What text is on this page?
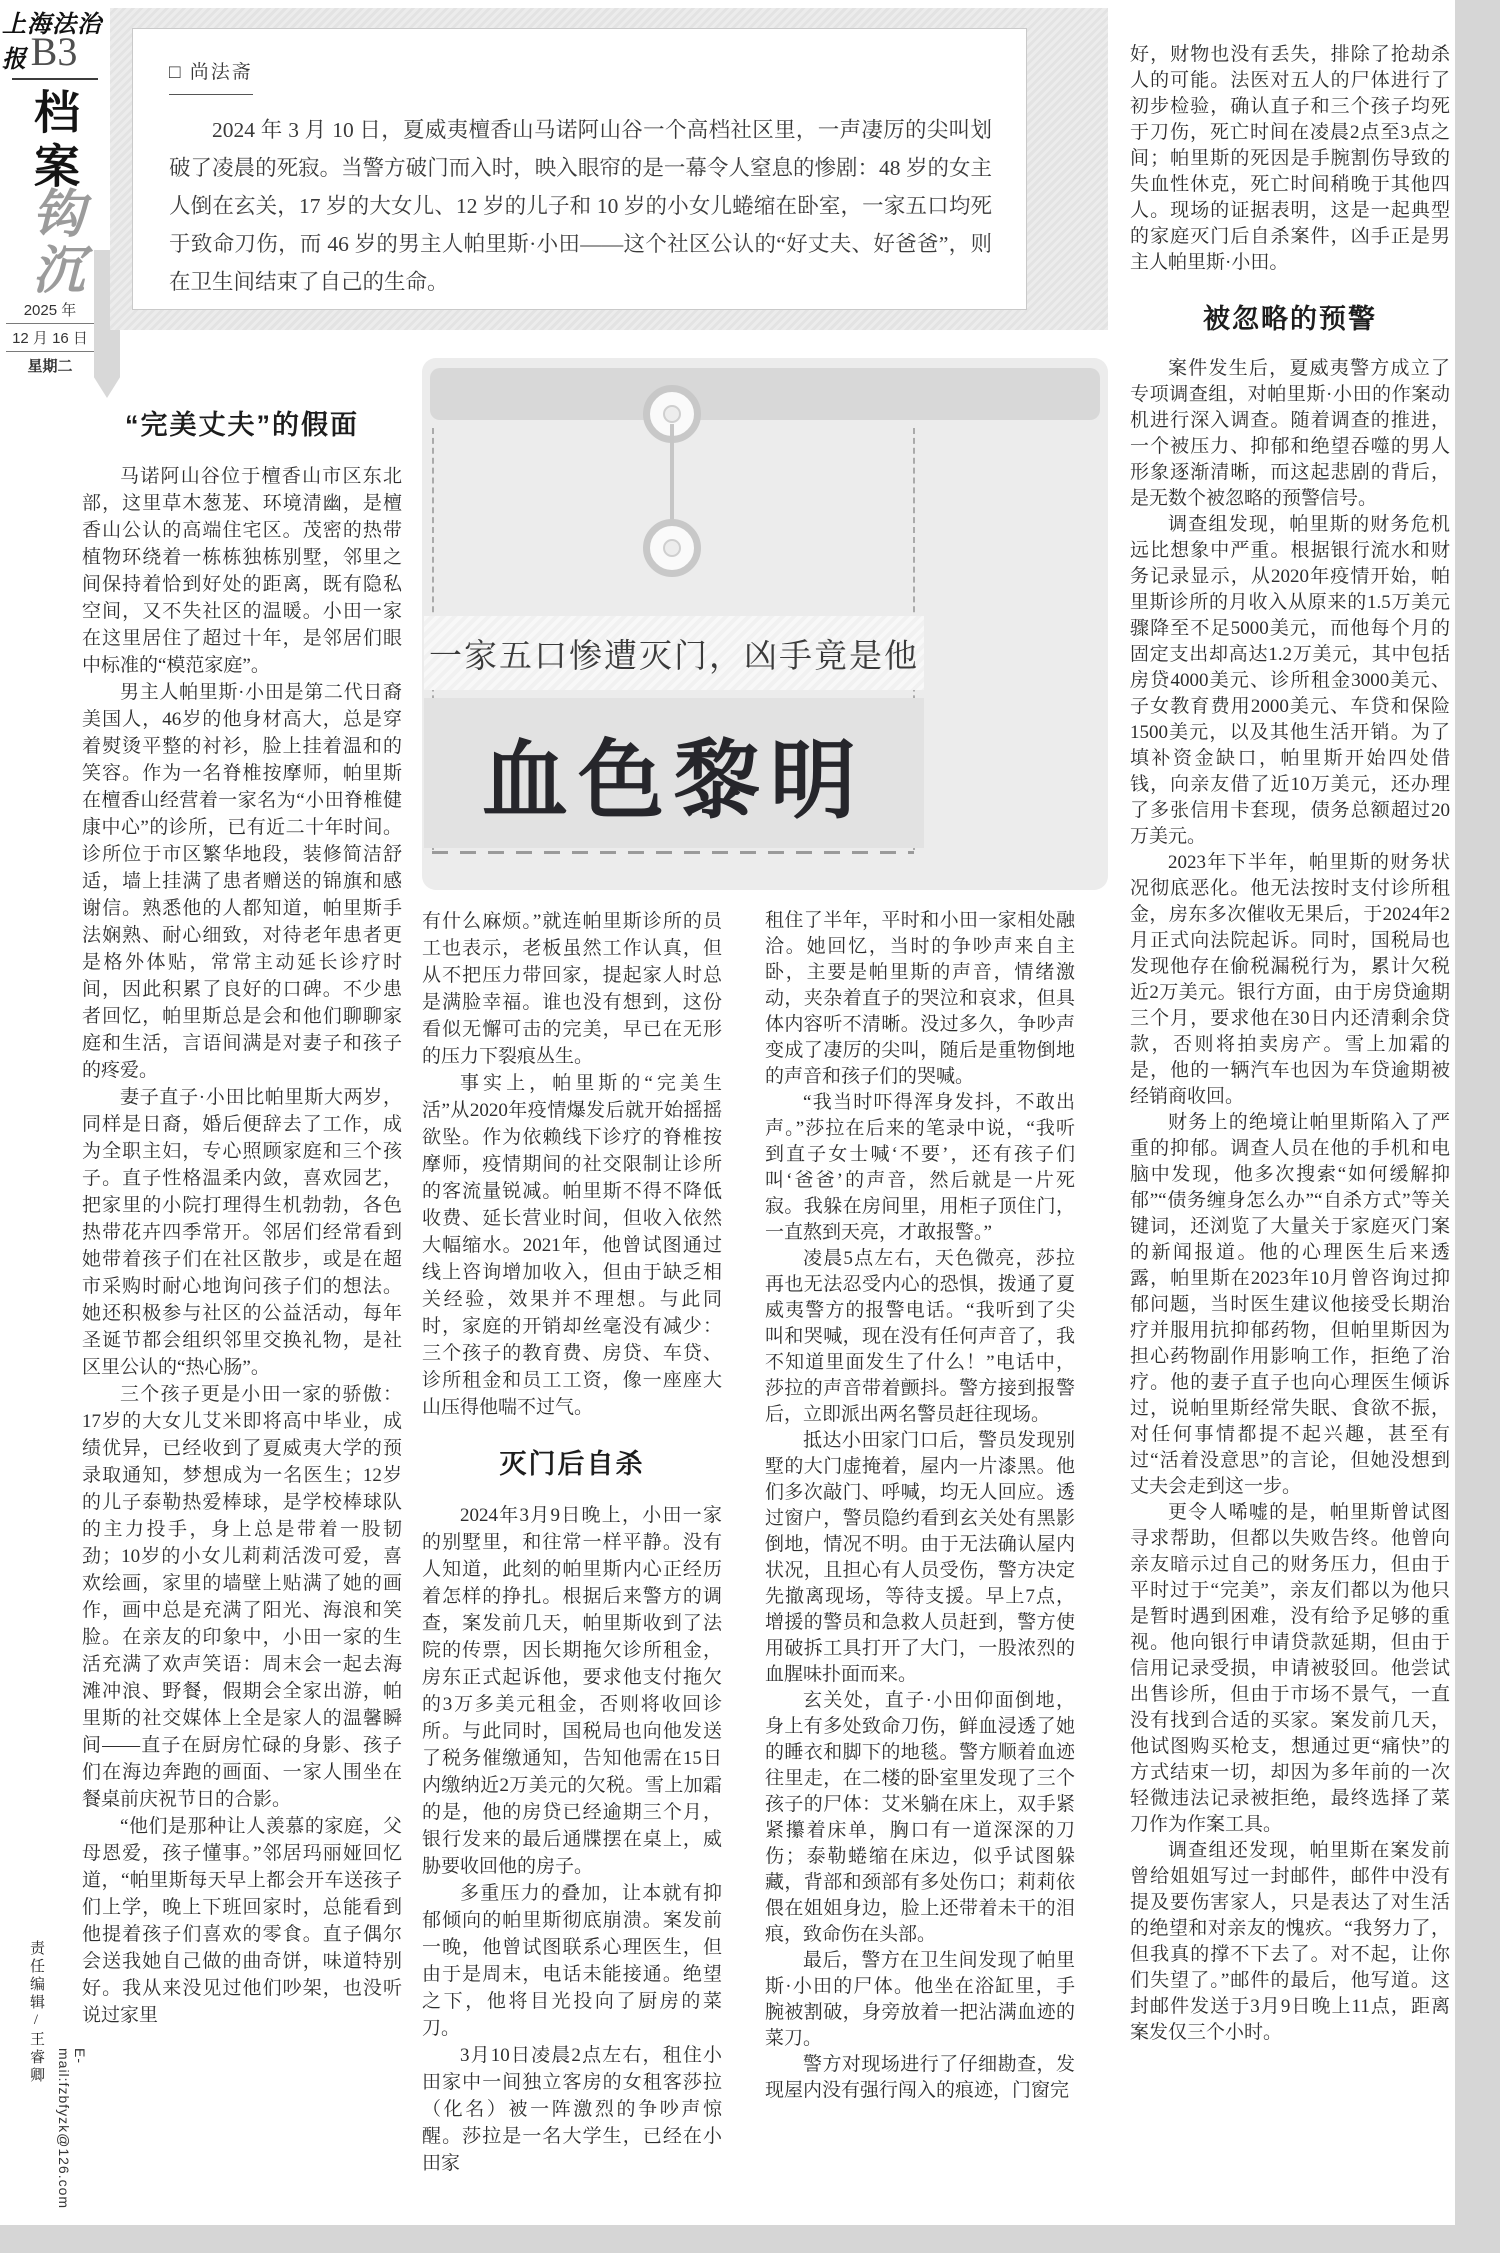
上海法治报 B3
档案
钩沉
2025 年
12 月 16 日
星期二
责任编辑/王睿卿	E-mail:fzbfyzk@126.com
□ 尚法斋
2024 年 3 月 10 日，夏威夷檀香山马诺阿山谷一个高档社区里，一声凄厉的尖叫划破了凌晨的死寂。当警方破门而入时，映入眼帘的是一幕令人窒息的惨剧：48 岁的女主人倒在玄关，17 岁的大女儿、12 岁的儿子和 10 岁的小女儿蜷缩在卧室，一家五口均死于致命刀伤，而 46 岁的男主人帕里斯·小田——这个社区公认的“好丈夫、好爸爸”，则在卫生间结束了自己的生命。
一家五口惨遭灭门，凶手竟是他
血色黎明
“完美丈夫”的假面

马诺阿山谷位于檀香山市区东北部，这里草木葱茏、环境清幽，是檀香山公认的高端住宅区。茂密的热带植物环绕着一栋栋独栋别墅，邻里之间保持着恰到好处的距离，既有隐私空间，又不失社区的温暖。小田一家在这里居住了超过十年，是邻居们眼中标准的“模范家庭”。

男主人帕里斯·小田是第二代日裔美国人，46岁的他身材高大，总是穿着熨烫平整的衬衫，脸上挂着温和的笑容。作为一名脊椎按摩师，帕里斯在檀香山经营着一家名为“小田脊椎健康中心”的诊所，已有近二十年时间。诊所位于市区繁华地段，装修简洁舒适，墙上挂满了患者赠送的锦旗和感谢信。熟悉他的人都知道，帕里斯手法娴熟、耐心细致，对待老年患者更是格外体贴，常常主动延长诊疗时间，因此积累了良好的口碑。不少患者回忆，帕里斯总是会和他们聊聊家庭和生活，言语间满是对妻子和孩子的疼爱。

妻子直子·小田比帕里斯大两岁，同样是日裔，婚后便辞去了工作，成为全职主妇，专心照顾家庭和三个孩子。直子性格温柔内敛，喜欢园艺，把家里的小院打理得生机勃勃，各色热带花卉四季常开。邻居们经常看到她带着孩子们在社区散步，或是在超市采购时耐心地询问孩子们的想法。她还积极参与社区的公益活动，每年圣诞节都会组织邻里交换礼物，是社区里公认的“热心肠”。

三个孩子更是小田一家的骄傲：17岁的大女儿艾米即将高中毕业，成绩优异，已经收到了夏威夷大学的预录取通知，梦想成为一名医生；12岁的儿子泰勒热爱棒球，是学校棒球队的主力投手，身上总是带着一股韧劲；10岁的小女儿莉莉活泼可爱，喜欢绘画，家里的墙壁上贴满了她的画作，画中总是充满了阳光、海浪和笑脸。在亲友的印象中，小田一家的生活充满了欢声笑语：周末会一起去海滩冲浪、野餐，假期会全家出游，帕里斯的社交媒体上全是家人的温馨瞬间——直子在厨房忙碌的身影、孩子们在海边奔跑的画面、一家人围坐在餐桌前庆祝节日的合影。

“他们是那种让人羡慕的家庭，父母恩爱，孩子懂事。”邻居玛丽娅回忆道，“帕里斯每天早上都会开车送孩子们上学，晚上下班回家时，总能看到他提着孩子们喜欢的零食。直子偶尔会送我她自己做的曲奇饼，味道特别好。我从来没见过他们吵架，也没听说过家里

有什么麻烦。”就连帕里斯诊所的员工也表示，老板虽然工作认真，但从不把压力带回家，提起家人时总是满脸幸福。谁也没有想到，这份看似无懈可击的完美，早已在无形的压力下裂痕丛生。

事实上，帕里斯的“完美生活”从2020年疫情爆发后就开始摇摇欲坠。作为依赖线下诊疗的脊椎按摩师，疫情期间的社交限制让诊所的客流量锐减。帕里斯不得不降低收费、延长营业时间，但收入依然大幅缩水。2021年，他曾试图通过线上咨询增加收入，但由于缺乏相关经验，效果并不理想。与此同时，家庭的开销却丝毫没有减少：三个孩子的教育费、房贷、车贷、诊所租金和员工工资，像一座座大山压得他喘不过气。

灭门后自杀

2024年3月9日晚上，小田一家的别墅里，和往常一样平静。没有人知道，此刻的帕里斯内心正经历着怎样的挣扎。根据后来警方的调查，案发前几天，帕里斯收到了法院的传票，因长期拖欠诊所租金，房东正式起诉他，要求他支付拖欠的3万多美元租金，否则将收回诊所。与此同时，国税局也向他发送了税务催缴通知，告知他需在15日内缴纳近2万美元的欠税。雪上加霜的是，他的房贷已经逾期三个月，银行发来的最后通牒摆在桌上，威胁要收回他的房子。

多重压力的叠加，让本就有抑郁倾向的帕里斯彻底崩溃。案发前一晚，他曾试图联系心理医生，但由于是周末，电话未能接通。绝望之下，他将目光投向了厨房的菜刀。

3月10日凌晨2点左右，租住小田家中一间独立客房的女租客莎拉（化名）被一阵激烈的争吵声惊醒。莎拉是一名大学生，已经在小田家

租住了半年，平时和小田一家相处融洽。她回忆，当时的争吵声来自主卧，主要是帕里斯的声音，情绪激动，夹杂着直子的哭泣和哀求，但具体内容听不清晰。没过多久，争吵声变成了凄厉的尖叫，随后是重物倒地的声音和孩子们的哭喊。

“我当时吓得浑身发抖，不敢出声。”莎拉在后来的笔录中说，“我听到直子女士喊‘不要’，还有孩子们叫‘爸爸’的声音，然后就是一片死寂。我躲在房间里，用柜子顶住门，一直熬到天亮，才敢报警。”

凌晨5点左右，天色微亮，莎拉再也无法忍受内心的恐惧，拨通了夏威夷警方的报警电话。“我听到了尖叫和哭喊，现在没有任何声音了，我不知道里面发生了什么！”电话中，莎拉的声音带着颤抖。警方接到报警后，立即派出两名警员赶往现场。

抵达小田家门口后，警员发现别墅的大门虚掩着，屋内一片漆黑。他们多次敲门、呼喊，均无人回应。透过窗户，警员隐约看到玄关处有黑影倒地，情况不明。由于无法确认屋内状况，且担心有人员受伤，警方决定先撤离现场，等待支援。早上7点，增援的警员和急救人员赶到，警方使用破拆工具打开了大门，一股浓烈的血腥味扑面而来。

玄关处，直子·小田仰面倒地，身上有多处致命刀伤，鲜血浸透了她的睡衣和脚下的地毯。警方顺着血迹往里走，在二楼的卧室里发现了三个孩子的尸体：艾米躺在床上，双手紧紧攥着床单，胸口有一道深深的刀伤；泰勒蜷缩在床边，似乎试图躲藏，背部和颈部有多处伤口；莉莉依偎在姐姐身边，脸上还带着未干的泪痕，致命伤在头部。

最后，警方在卫生间发现了帕里斯·小田的尸体。他坐在浴缸里，手腕被割破，身旁放着一把沾满血迹的菜刀。

警方对现场进行了仔细勘查，发现屋内没有强行闯入的痕迹，门窗完

好，财物也没有丢失，排除了抢劫杀人的可能。法医对五人的尸体进行了初步检验，确认直子和三个孩子均死于刀伤，死亡时间在凌晨2点至3点之间；帕里斯的死因是手腕割伤导致的失血性休克，死亡时间稍晚于其他四人。现场的证据表明，这是一起典型的家庭灭门后自杀案件，凶手正是男主人帕里斯·小田。

被忽略的预警

案件发生后，夏威夷警方成立了专项调查组，对帕里斯·小田的作案动机进行深入调查。随着调查的推进，一个被压力、抑郁和绝望吞噬的男人形象逐渐清晰，而这起悲剧的背后，是无数个被忽略的预警信号。

调查组发现，帕里斯的财务危机远比想象中严重。根据银行流水和财务记录显示，从2020年疫情开始，帕里斯诊所的月收入从原来的1.5万美元骤降至不足5000美元，而他每个月的固定支出却高达1.2万美元，其中包括房贷4000美元、诊所租金3000美元、子女教育费用2000美元、车贷和保险1500美元，以及其他生活开销。为了填补资金缺口，帕里斯开始四处借钱，向亲友借了近10万美元，还办理了多张信用卡套现，债务总额超过20万美元。

2023年下半年，帕里斯的财务状况彻底恶化。他无法按时支付诊所租金，房东多次催收无果后，于2024年2月正式向法院起诉。同时，国税局也发现他存在偷税漏税行为，累计欠税近2万美元。银行方面，由于房贷逾期三个月，要求他在30日内还清剩余贷款，否则将拍卖房产。雪上加霜的是，他的一辆汽车也因为车贷逾期被经销商收回。

财务上的绝境让帕里斯陷入了严重的抑郁。调查人员在他的手机和电脑中发现，他多次搜索“如何缓解抑郁”“债务缠身怎么办”“自杀方式”等关键词，还浏览了大量关于家庭灭门案的新闻报道。他的心理医生后来透露，帕里斯在2023年10月曾咨询过抑郁问题，当时医生建议他接受长期治疗并服用抗抑郁药物，但帕里斯因为担心药物副作用影响工作，拒绝了治疗。他的妻子直子也向心理医生倾诉过，说帕里斯经常失眠、食欲不振，对任何事情都提不起兴趣，甚至有过“活着没意思”的言论，但她没想到丈夫会走到这一步。

更令人唏嘘的是，帕里斯曾试图寻求帮助，但都以失败告终。他曾向亲友暗示过自己的财务压力，但由于平时过于“完美”，亲友们都以为他只是暂时遇到困难，没有给予足够的重视。他向银行申请贷款延期，但由于信用记录受损，申请被驳回。他尝试出售诊所，但由于市场不景气，一直没有找到合适的买家。案发前几天，他试图购买枪支，想通过更“痛快”的方式结束一切，却因为多年前的一次轻微违法记录被拒绝，最终选择了菜刀作为作案工具。

调查组还发现，帕里斯在案发前曾给姐姐写过一封邮件，邮件中没有提及要伤害家人，只是表达了对生活的绝望和对亲友的愧疚。“我努力了，但我真的撑不下去了。对不起，让你们失望了。”邮件的最后，他写道。这封邮件发送于3月9日晚上11点，距离案发仅三个小时。
